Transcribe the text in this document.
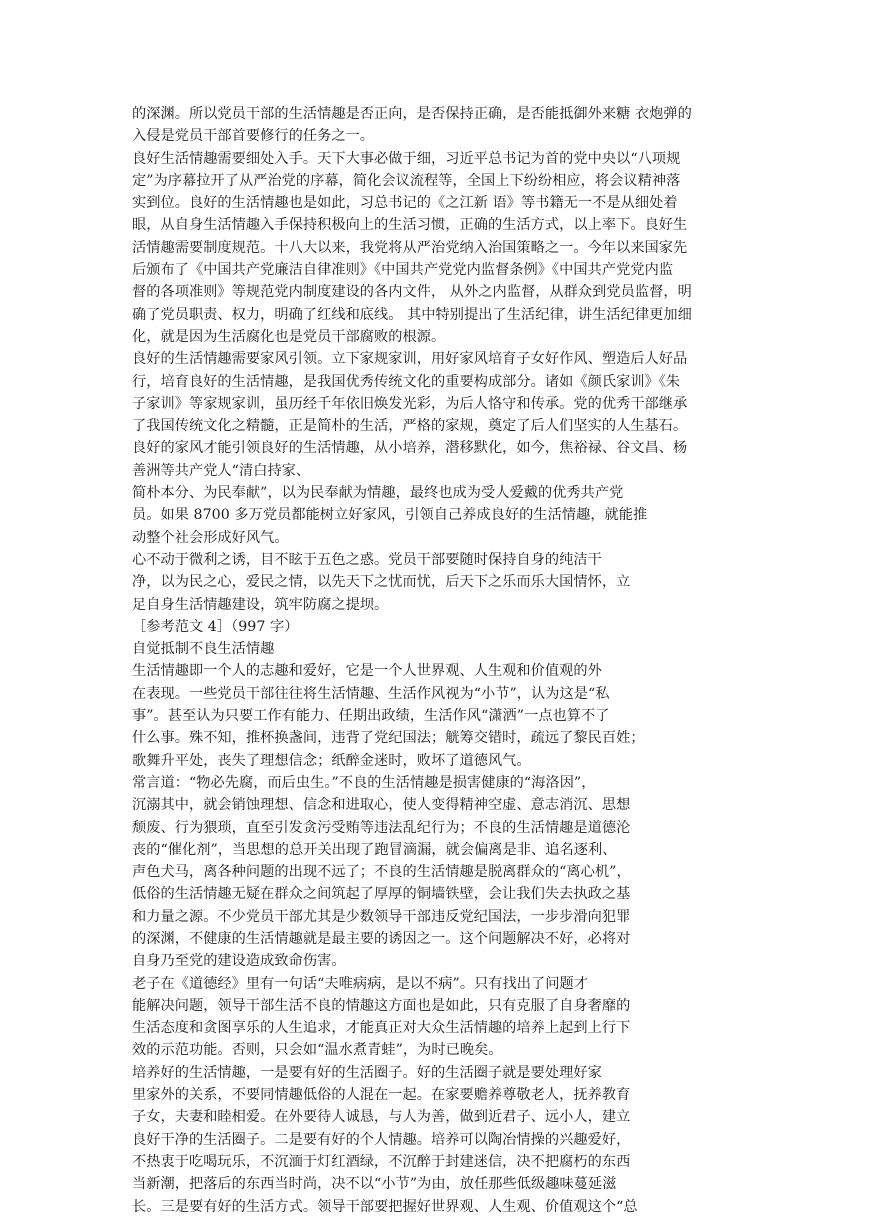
的深渊。所以党员干部的生活情趣是否正向，是否保持正确，是否能抵御外来糖 衣炮弹的
入侵是党员干部首要修行的任务之一。
良好生活情趣需要细处入手。天下大事必做于细，习近平总书记为首的党中央以“八项规
定”为序幕拉开了从严治党的序幕，简化会议流程等，全国上下纷纷相应，将会议精神落
实到位。良好的生活情趣也是如此，习总书记的《之江新 语》等书籍无一不是从细处着
眼，从自身生活情趣入手保持积极向上的生活习惯，正确的生活方式，以上率下。良好生
活情趣需要制度规范。十八大以来，我党将从严治党纳入治国策略之一。今年以来国家先
后颁布了《中国共产党廉洁自律准则》《中国共产党党内监督条例》《中国共产党党内监
督的各项准则》等规范党内制度建设的各内文件， 从外之内监督，从群众到党员监督，明
确了党员职责、权力，明确了红线和底线。 其中特别提出了生活纪律，讲生活纪律更加细
化，就是因为生活腐化也是党员干部腐败的根源。
良好的生活情趣需要家风引领。立下家规家训，用好家风培育子女好作风、塑造后人好品
行，培育良好的生活情趣，是我国优秀传统文化的重要构成部分。诸如《颜氏家训》《朱
子家训》等家规家训，虽历经千年依旧焕发光彩，为后人恪守和传承。党的优秀干部继承
了我国传统文化之精髓，正是简朴的生活，严格的家规，奠定了后人们坚实的人生基石。
良好的家风才能引领良好的生活情趣，从小培养，潜移默化，如今，焦裕禄、谷文昌、杨
善洲等共产党人“清白持家、
简朴本分、为民奉献”，以为民奉献为情趣，最终也成为受人爱戴的优秀共产党
员。如果 8700 多万党员都能树立好家风，引领自己养成良好的生活情趣，就能推
动整个社会形成好风气。
心不动于微利之诱，目不眩于五色之惑。党员干部要随时保持自身的纯洁干
净，以为民之心，爱民之情，以先天下之忧而忧，后天下之乐而乐大国情怀，立
足自身生活情趣建设，筑牢防腐之提坝。
［参考范文 4］（997 字）
自觉抵制不良生活情趣
生活情趣即一个人的志趣和爱好，它是一个人世界观、人生观和价值观的外
在表现。一些党员干部往往将生活情趣、生活作风视为“小节”，认为这是“私
事”。甚至认为只要工作有能力、任期出政绩，生活作风“潇洒”一点也算不了
什么事。殊不知，推杯换盏间，违背了党纪国法；觥筹交错时，疏远了黎民百姓；
歌舞升平处，丧失了理想信念；纸醉金迷时，败坏了道德风气。
常言道：“物必先腐，而后虫生。”不良的生活情趣是损害健康的“海洛因”，
沉溺其中，就会销蚀理想、信念和进取心，使人变得精神空虚、意志消沉、思想
颓废、行为猥琐，直至引发贪污受贿等违法乱纪行为；不良的生活情趣是道德沦
丧的“催化剂”，当思想的总开关出现了跑冒滴漏，就会偏离是非、追名逐利、
声色犬马，离各种问题的出现不远了；不良的生活情趣是脱离群众的“离心机”，
低俗的生活情趣无疑在群众之间筑起了厚厚的铜墙铁壁，会让我们失去执政之基
和力量之源。不少党员干部尤其是少数领导干部违反党纪国法，一步步滑向犯罪
的深渊，不健康的生活情趣就是最主要的诱因之一。这个问题解决不好，必将对
自身乃至党的建设造成致命伤害。
老子在《道德经》里有一句话“夫唯病病，是以不病”。只有找出了问题才
能解决问题，领导干部生活不良的情趣这方面也是如此，只有克服了自身奢靡的
生活态度和贪图享乐的人生追求，才能真正对大众生活情趣的培养上起到上行下
效的示范功能。否则，只会如“温水煮青蛙”，为时已晚矣。
培养好的生活情趣，一是要有好的生活圈子。好的生活圈子就是要处理好家
里家外的关系，不要同情趣低俗的人混在一起。在家要赡养尊敬老人，抚养教育
子女，夫妻和睦相爱。在外要待人诚恳，与人为善，做到近君子、远小人，建立
良好干净的生活圈子。二是要有好的个人情趣。培养可以陶冶情操的兴趣爱好，
不热衷于吃喝玩乐，不沉湎于灯红酒绿，不沉醉于封建迷信，决不把腐朽的东西
当新潮，把落后的东西当时尚，决不以“小节”为由，放任那些低级趣味蔓延滋
长。三是要有好的生活方式。领导干部要把握好世界观、人生观、价值观这个“总
